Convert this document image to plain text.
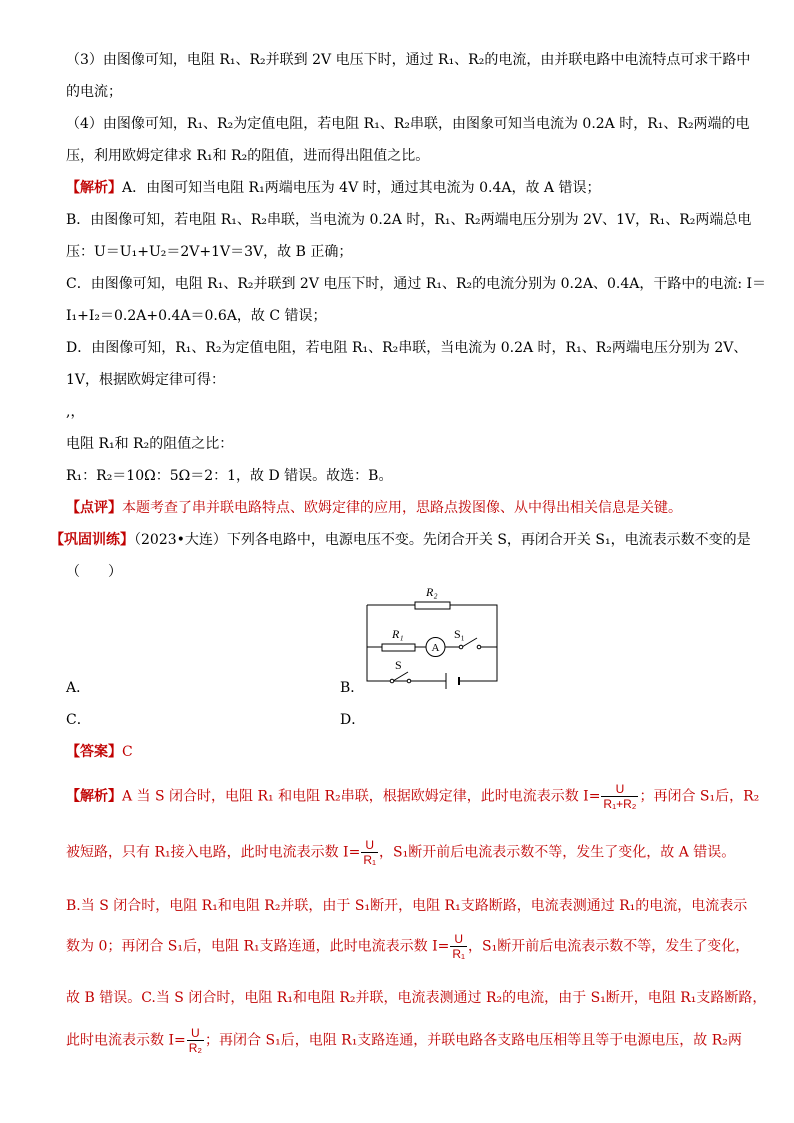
（3）由图像可知，电阻 R₁、R₂并联到 2V 电压下时，通过 R₁、R₂的电流，由并联电路中电流特点可求干路中
的电流；
（4）由图像可知，R₁、R₂为定值电阻，若电阻 R₁、R₂串联，由图象可知当电流为 0.2A 时，R₁、R₂两端的电
压，利用欧姆定律求 R₁和 R₂的阻值，进而得出阻值之比。
【解析】A．由图可知当电阻 R₁两端电压为 4V 时，通过其电流为 0.4A，故 A 错误；
B．由图像可知，若电阻 R₁、R₂串联，当电流为 0.2A 时，R₁、R₂两端电压分别为 2V、1V，R₁、R₂两端总电
压：U＝U₁+U₂＝2V+1V＝3V，故 B 正确；
C．由图像可知，电阻 R₁、R₂并联到 2V 电压下时，通过 R₁、R₂的电流分别为 0.2A、0.4A，干路中的电流: I＝
I₁+I₂＝0.2A+0.4A＝0.6A，故 C 错误；
D．由图像可知，R₁、R₂为定值电阻，若电阻 R₁、R₂串联，当电流为 0.2A 时，R₁、R₂两端电压分别为 2V、
1V，根据欧姆定律可得：
,，
电阻 R₁和 R₂的阻值之比：
R₁：R₂＝10Ω：5Ω＝2：1，故 D 错误。故选：B。
【点评】本题考查了串并联电路特点、欧姆定律的应用，思路点拨图像、从中得出相关信息是关键。
【巩固训练】（2023•大连）下列各电路中，电源电压不变。先闭合开关 S，再闭合开关 S₁，电流表示数不变的是
（　　）
R₂
R₁
A
S₁
S
A．	B．
C．	D．
【答案】C
【解析】A 当 S 闭合时，电阻 R₁ 和电阻 R₂串联，根据欧姆定律，此时电流表示数 $I= \frac{U}{\text{R₁+R₂}}$ ；再闭合 S₁后，R₂
被短路，只有 R₁接入电路，此时电流表示数 $I= \frac{U}{\text{R₁}}$ ，S₁断开前后电流表示数不等，发生了变化，故 A 错误。
B.当 S 闭合时，电阻 R₁和电阻 R₂并联，由于 S₁断开，电阻 R₁支路断路，电流表测通过 R₁的电流，电流表示
数为 0；再闭合 S₁后，电阻 R₁支路连通，此时电流表示数 $I= \frac{U}{\text{R₁}}$ ，S₁断开前后电流表示数不等，发生了变化，
故 B 错误。C.当 S 闭合时，电阻 R₁和电阻 R₂并联，电流表测通过 R₂的电流，由于 S₁断开，电阻 R₁支路断路，
此时电流表示数 $I= \frac{U}{\text{R₂}}$ ；再闭合 S₁后，电阻 R₁支路连通，并联电路各支路电压相等且等于电源电压，故 R₂两
